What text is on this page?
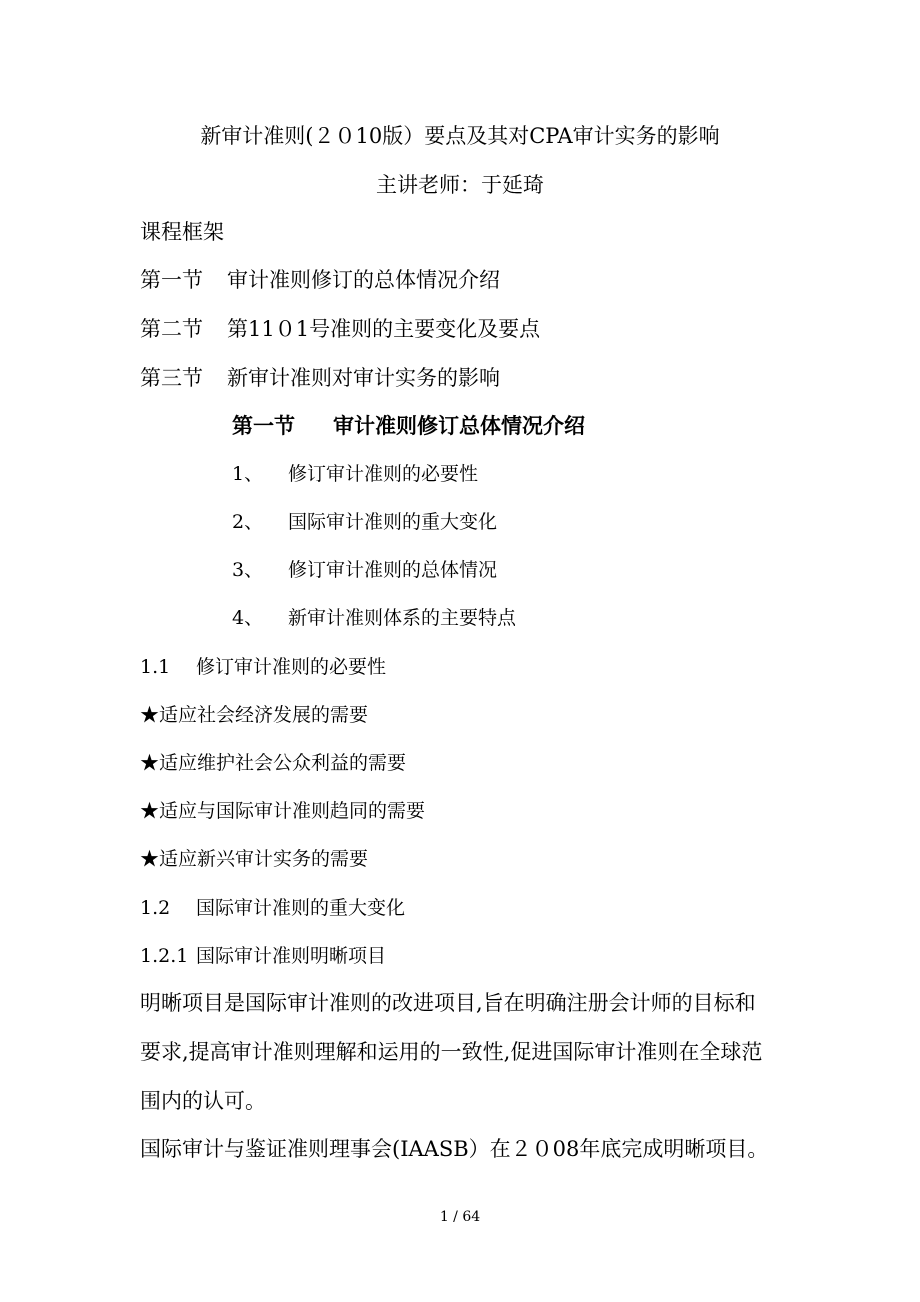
新审计准则(２０10版）要点及其对CPA审计实务的影响
主讲老师：于延琦
课程框架
第一节 审计准则修订的总体情况介绍
第二节 第11０1号准则的主要变化及要点
第三节 新审计准则对审计实务的影响
第一节 审计准则修订总体情况介绍
1、 修订审计准则的必要性
2、 国际审计准则的重大变化
3、 修订审计准则的总体情况
4、 新审计准则体系的主要特点
1.1 修订审计准则的必要性
★适应社会经济发展的需要
★适应维护社会公众利益的需要
★适应与国际审计准则趋同的需要
★适应新兴审计实务的需要
1.2 国际审计准则的重大变化
1.2.1 国际审计准则明晰项目
明晰项目是国际审计准则的改进项目,旨在明确注册会计师的目标和
要求,提高审计准则理解和运用的一致性,促进国际审计准则在全球范
围内的认可。
国际审计与鉴证准则理事会(IAASB）在２０08年底完成明晰项目。
1 / 64
